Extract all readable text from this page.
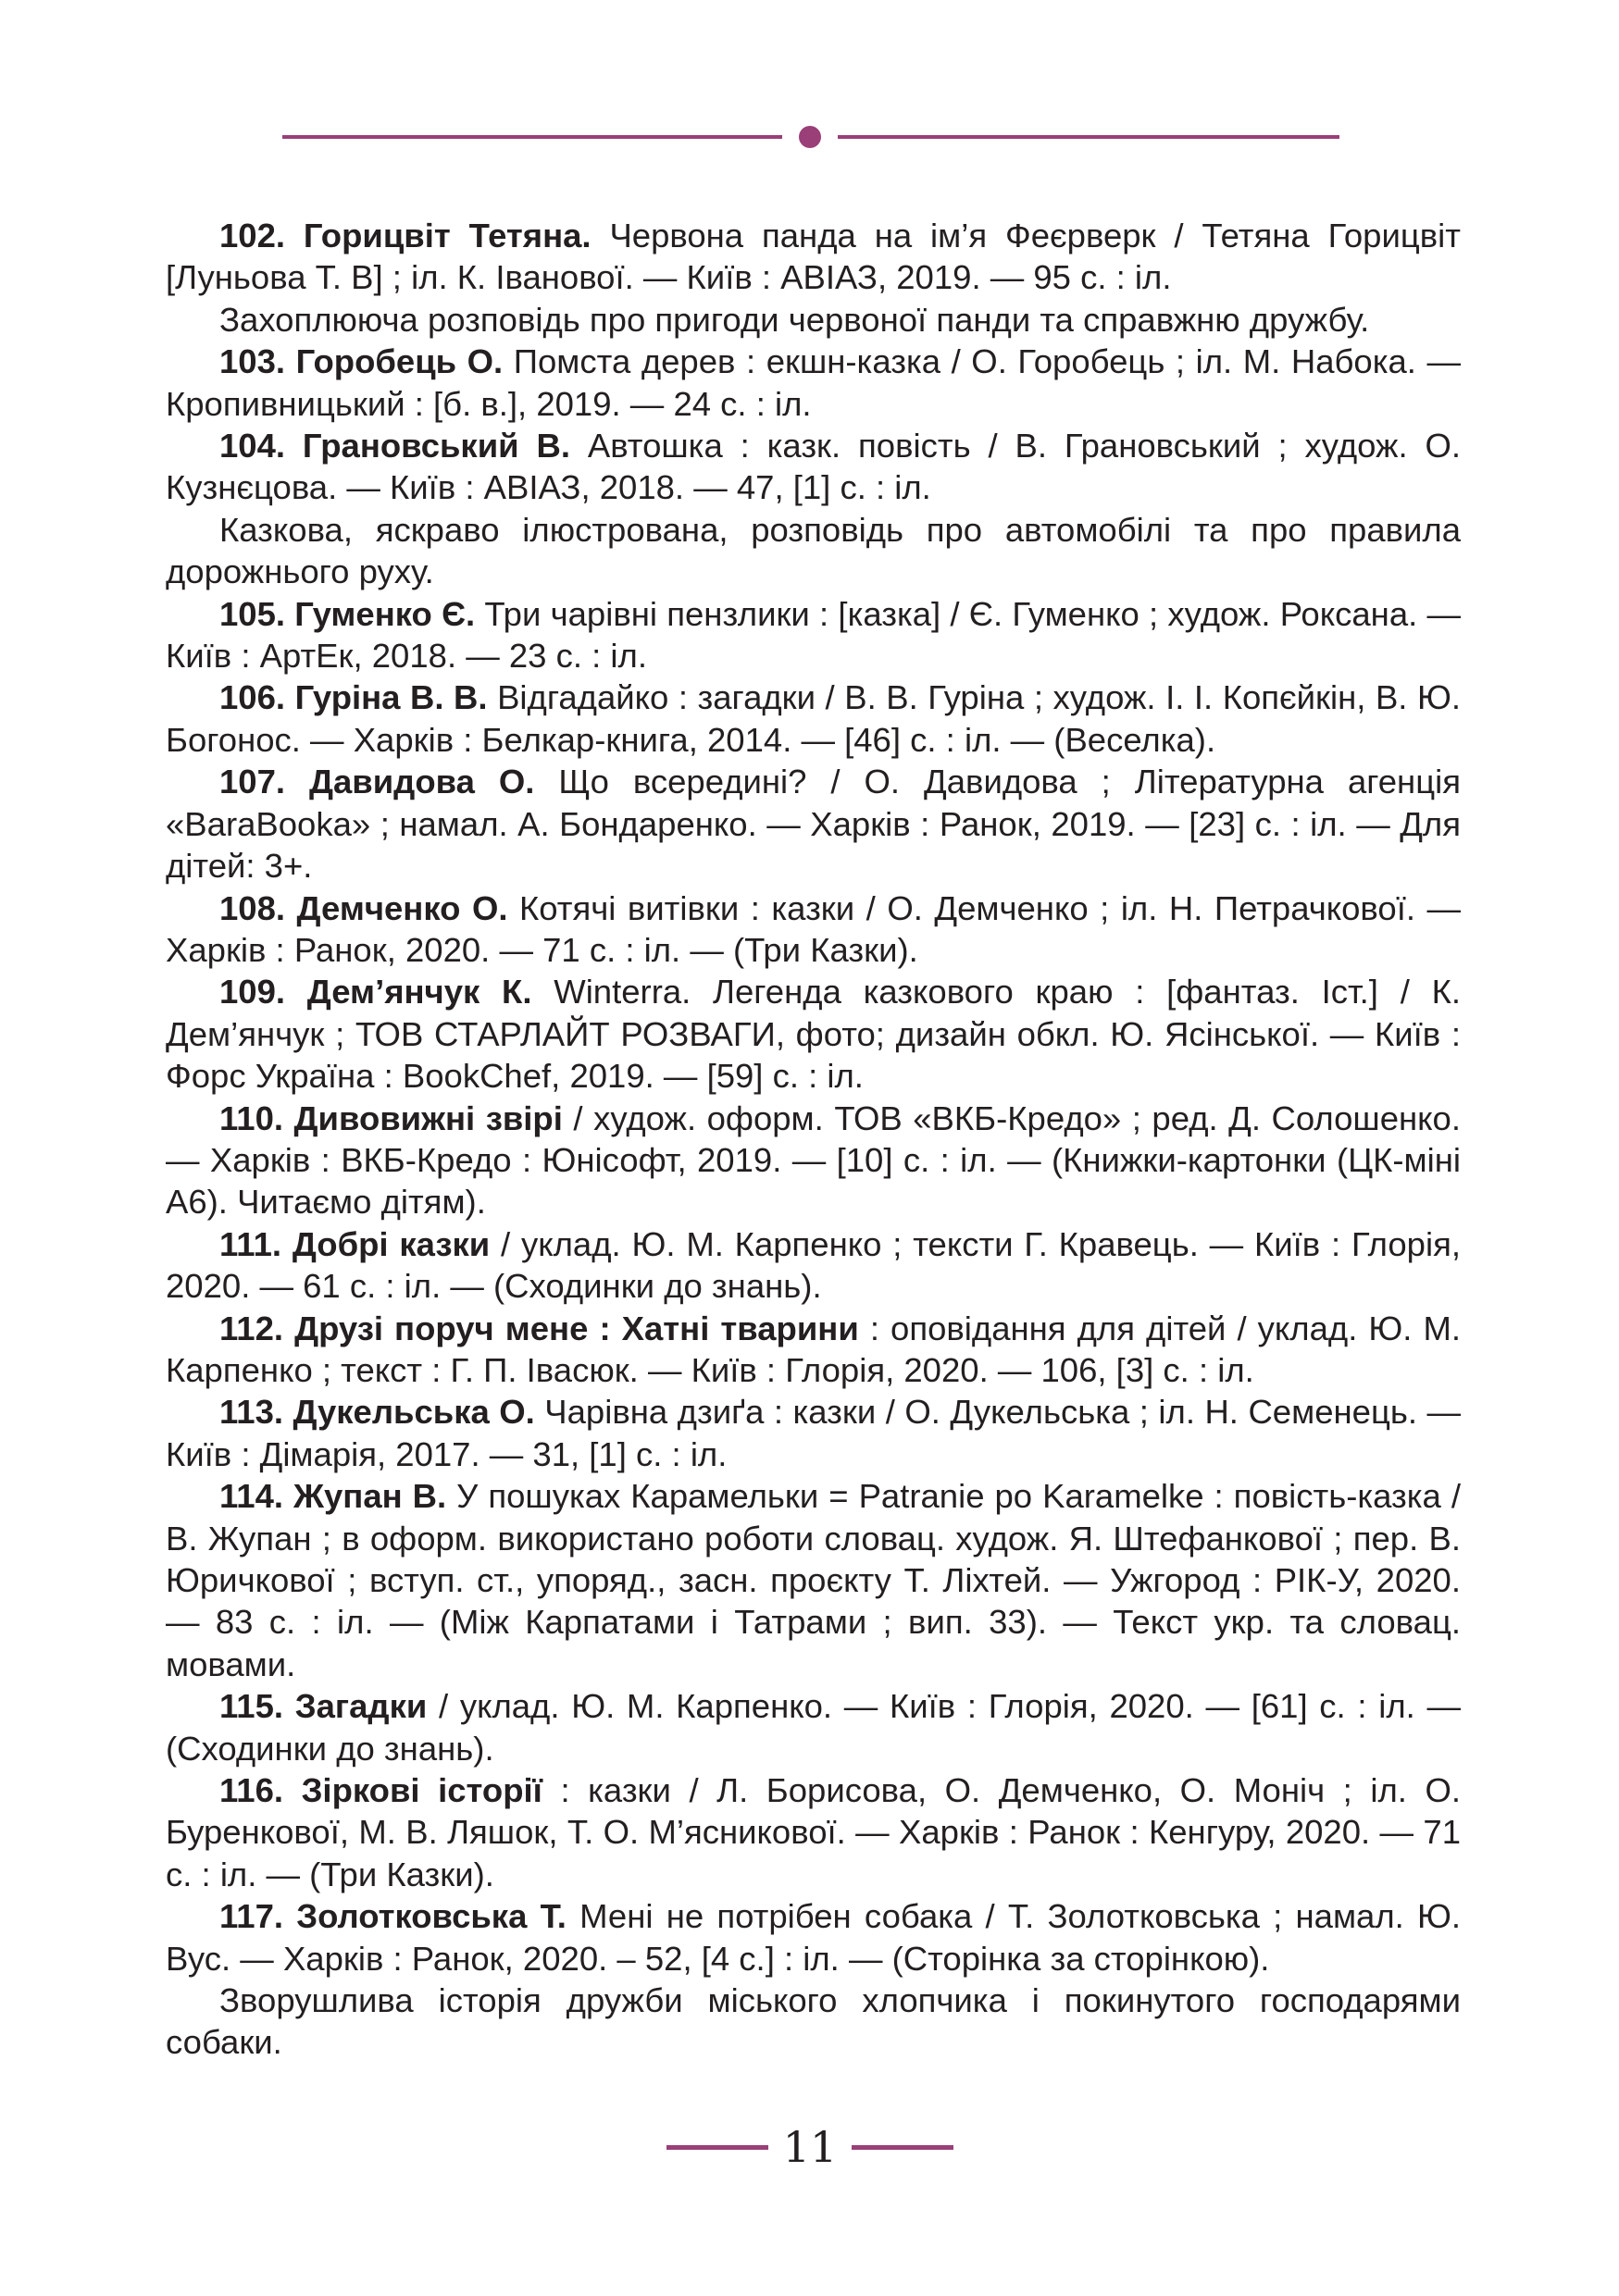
102. Горицвіт Тетяна. Червона панда на ім’я Феєрверк / Тетяна Горицвіт [Луньова Т. В] ; іл. К. Іванової. — Київ : АВІАЗ, 2019. — 95 с. : іл.

Захоплююча розповідь про пригоди червоної панди та справжню дружбу.

103. Горобець О. Помста дерев : екшн-казка / О. Горобець ; іл. М. Набока. — Кропивницький : [б. в.], 2019. — 24 с. : іл.

104. Грановський В. Автошка : казк. повість / В. Грановський ; худож. О. Кузнєцова. — Київ : АВІАЗ, 2018. — 47, [1] с. : іл.

Казкова, яскраво ілюстрована, розповідь про автомобілі та про правила дорожнього руху.

105. Гуменко Є. Три чарівні пензлики : [казка] / Є. Гуменко ; худож. Роксана. — Київ : АртЕк, 2018. — 23 с. : іл.

106. Гуріна В. В. Відгадайко : загадки / В. В. Гуріна ; худож. І. І. Копєйкін, В. Ю. Богонос. — Харків : Белкар-книга, 2014. — [46] с. : іл. — (Веселка).

107. Давидова О. Що всередині? / О. Давидова ; Літературна агенція «BaraBooka» ; намал. А. Бондаренко. — Харків : Ранок, 2019. — [23] с. : іл. — Для дітей: 3+.

108. Демченко О. Котячі витівки : казки / О. Демченко ; іл. Н. Петрачкової. — Харків : Ранок, 2020. — 71 с. : іл. — (Три Казки).

109. Дем’янчук К. Winterra. Легенда казкового краю : [фантаз. Іст.] / К. Дем’янчук ; ТОВ СТАРЛАЙТ РОЗВАГИ, фото; дизайн обкл. Ю. Ясінської. — Київ : Форс Україна : BookChef, 2019. — [59] с. : іл.

110. Дивовижні звірі / худож. оформ. ТОВ «ВКБ-Кредо» ; ред. Д. Солошенко. — Харків : ВКБ-Кредо : Юнісофт, 2019. — [10] с. : іл. — (Книжки-картонки (ЦК-міні А6). Читаємо дітям).

111. Добрі казки / уклад. Ю. М. Карпенко ; тексти Г. Кравець. — Київ : Глорія, 2020. — 61 с. : іл. — (Сходинки до знань).

112. Друзі поруч мене : Хатні тварини : оповідання для дітей / уклад. Ю. М. Карпенко ; текст : Г. П. Івасюк. — Київ : Глорія, 2020. — 106, [3] с. : іл.

113. Дукельська О. Чарівна дзиґа : казки / О. Дукельська ; іл. Н. Семенець. — Київ : Дімарія, 2017. — 31, [1] с. : іл.

114. Жупан В. У пошуках Карамельки = Patranie po Karamelke : повість-казка / В. Жупан ; в оформ. використано роботи словац. худож. Я. Штефанкової ; пер. В. Юричкової ; вступ. ст., упоряд., засн. проєкту Т. Ліхтей. — Ужгород : РІК-У, 2020. — 83 с. : іл. — (Між Карпатами і Татрами ; вип. 33). — Текст укр. та словац. мовами.

115. Загадки / уклад. Ю. М. Карпенко. — Київ : Глорія, 2020. — [61] с. : іл. — (Сходинки до знань).

116. Зіркові історії : казки / Л. Борисова, О. Демченко, О. Моніч ; іл. О. Буренкової, М. В. Ляшок, Т. О. М’ясникової. — Харків : Ранок : Кенгуру, 2020. — 71 с. : іл. — (Три Казки).

117. Золотковська Т. Мені не потрібен собака / Т. Золотковська ; намал. Ю. Вус. — Харків : Ранок, 2020. – 52, [4 с.] : іл. — (Сторінка за сторінкою).

Зворушлива історія дружби міського хлопчика і покинутого господарями собаки.

11
